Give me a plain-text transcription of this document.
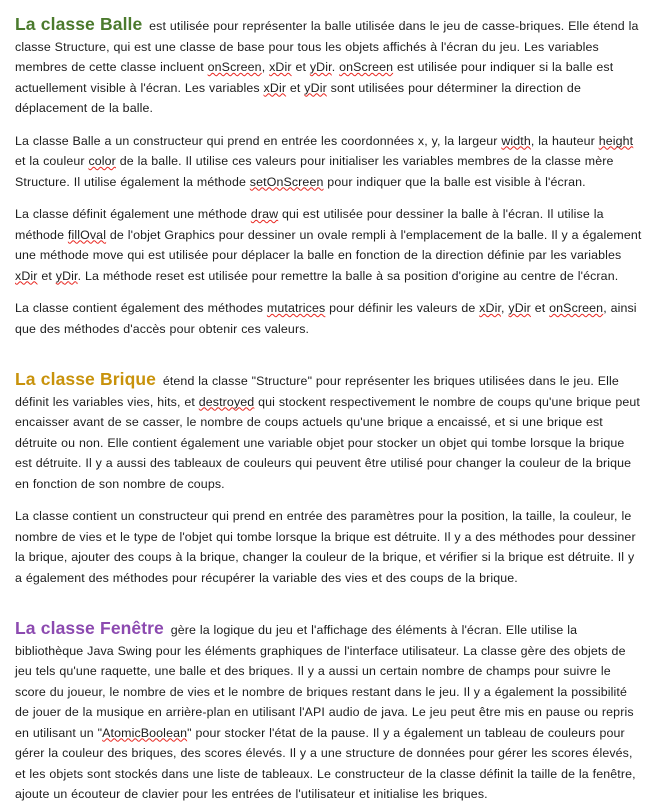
La classe Balle est utilisée pour représenter la balle utilisée dans le jeu de casse-briques. Elle étend la classe Structure, qui est une classe de base pour tous les objets affichés à l'écran du jeu. Les variables membres de cette classe incluent onScreen, xDir et yDir. onScreen est utilisée pour indiquer si la balle est actuellement visible à l'écran. Les variables xDir et yDir sont utilisées pour déterminer la direction de déplacement de la balle.

La classe Balle a un constructeur qui prend en entrée les coordonnées x, y, la largeur width, la hauteur height et la couleur color de la balle. Il utilise ces valeurs pour initialiser les variables membres de la classe mère Structure. Il utilise également la méthode setOnScreen pour indiquer que la balle est visible à l'écran.

La classe définit également une méthode draw qui est utilisée pour dessiner la balle à l'écran. Il utilise la méthode fillOval de l'objet Graphics pour dessiner un ovale rempli à l'emplacement de la balle. Il y a également une méthode move qui est utilisée pour déplacer la balle en fonction de la direction définie par les variables xDir et yDir. La méthode reset est utilisée pour remettre la balle à sa position d'origine au centre de l'écran.

La classe contient également des méthodes mutatrices pour définir les valeurs de xDir, yDir et onScreen, ainsi que des méthodes d'accès pour obtenir ces valeurs.

La classe Brique étend la classe "Structure" pour représenter les briques utilisées dans le jeu. Elle définit les variables vies, hits, et destroyed qui stockent respectivement le nombre de coups qu'une brique peut encaisser avant de se casser, le nombre de coups actuels qu'une brique a encaissé, et si une brique est détruite ou non. Elle contient également une variable objet pour stocker un objet qui tombe lorsque la brique est détruite. Il y a aussi des tableaux de couleurs qui peuvent être utilisé pour changer la couleur de la brique en fonction de son nombre de coups.

La classe contient un constructeur qui prend en entrée des paramètres pour la position, la taille, la couleur, le nombre de vies et le type de l'objet qui tombe lorsque la brique est détruite. Il y a des méthodes pour dessiner la brique, ajouter des coups à la brique, changer la couleur de la brique, et vérifier si la brique est détruite. Il y a également des méthodes pour récupérer la variable des vies et des coups de la brique.

La classe Fenêtre gère la logique du jeu et l'affichage des éléments à l'écran. Elle utilise la bibliothèque Java Swing pour les éléments graphiques de l'interface utilisateur. La classe gère des objets de jeu tels qu'une raquette, une balle et des briques. Il y a aussi un certain nombre de champs pour suivre le score du joueur, le nombre de vies et le nombre de briques restant dans le jeu. Il y a également la possibilité de jouer de la musique en arrière-plan en utilisant l'API audio de java. Le jeu peut être mis en pause ou repris en utilisant un "AtomicBoolean" pour stocker l'état de la pause. Il y a également un tableau de couleurs pour gérer la couleur des briques, des scores élevés. Il y a une structure de données pour gérer les scores élevés, et les objets sont stockés dans une liste de tableaux. Le constructeur de la classe définit la taille de la fenêtre, ajoute un écouteur de clavier pour les entrées de l'utilisateur et initialise les briques.
